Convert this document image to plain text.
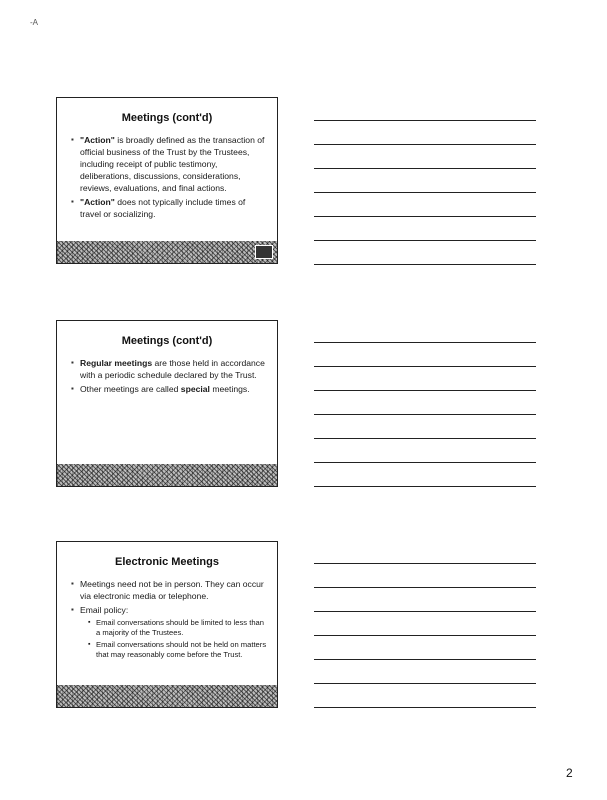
-A
Meetings (cont'd)
▪ "Action" is broadly defined as the transaction of official business of the Trust by the Trustees, including receipt of public testimony, deliberations, discussions, considerations, reviews, evaluations, and final actions.
▪ "Action" does not typically include times of travel or socializing.
Meetings (cont'd)
▪ Regular meetings are those held in accordance with a periodic schedule declared by the Trust.
▪ Other meetings are called special meetings.
Electronic Meetings
▪ Meetings need not be in person. They can occur via electronic media or telephone.
▪ Email policy:
▪ Email conversations should be limited to less than a majority of the Trustees.
▪ Email conversations should not be held on matters that may reasonably come before the Trust.
2
